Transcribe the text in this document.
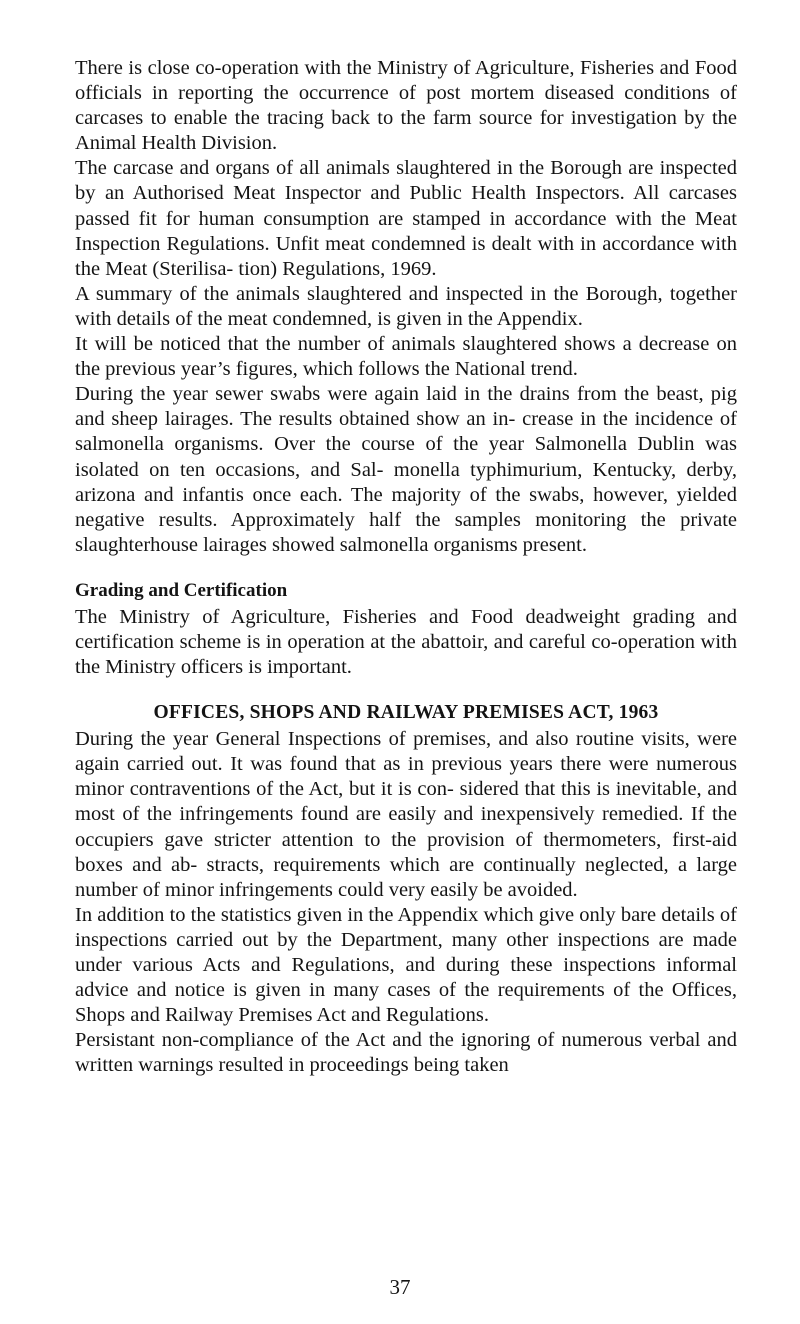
There is close co-operation with the Ministry of Agriculture, Fisheries and Food officials in reporting the occurrence of post mortem diseased conditions of carcases to enable the tracing back to the farm source for investigation by the Animal Health Division.

The carcase and organs of all animals slaughtered in the Borough are inspected by an Authorised Meat Inspector and Public Health Inspectors. All carcases passed fit for human consumption are stamped in accordance with the Meat Inspection Regulations. Unfit meat condemned is dealt with in accordance with the Meat (Sterilisa- tion) Regulations, 1969.

A summary of the animals slaughtered and inspected in the Borough, together with details of the meat condemned, is given in the Appendix.

It will be noticed that the number of animals slaughtered shows a decrease on the previous year’s figures, which follows the National trend.

During the year sewer swabs were again laid in the drains from the beast, pig and sheep lairages. The results obtained show an in- crease in the incidence of salmonella organisms. Over the course of the year Salmonella Dublin was isolated on ten occasions, and Sal- monella typhimurium, Kentucky, derby, arizona and infantis once each. The majority of the swabs, however, yielded negative results. Approximately half the samples monitoring the private slaughterhouse lairages showed salmonella organisms present.

Grading and Certification

The Ministry of Agriculture, Fisheries and Food deadweight grading and certification scheme is in operation at the abattoir, and careful co-operation with the Ministry officers is important.

OFFICES, SHOPS AND RAILWAY PREMISES ACT, 1963

During the year General Inspections of premises, and also routine visits, were again carried out. It was found that as in previous years there were numerous minor contraventions of the Act, but it is con- sidered that this is inevitable, and most of the infringements found are easily and inexpensively remedied. If the occupiers gave stricter attention to the provision of thermometers, first-aid boxes and ab- stracts, requirements which are continually neglected, a large number of minor infringements could very easily be avoided.

In addition to the statistics given in the Appendix which give only bare details of inspections carried out by the Department, many other inspections are made under various Acts and Regulations, and during these inspections informal advice and notice is given in many cases of the requirements of the Offices, Shops and Railway Premises Act and Regulations.

Persistant non-compliance of the Act and the ignoring of numerous verbal and written warnings resulted in proceedings being taken

37
